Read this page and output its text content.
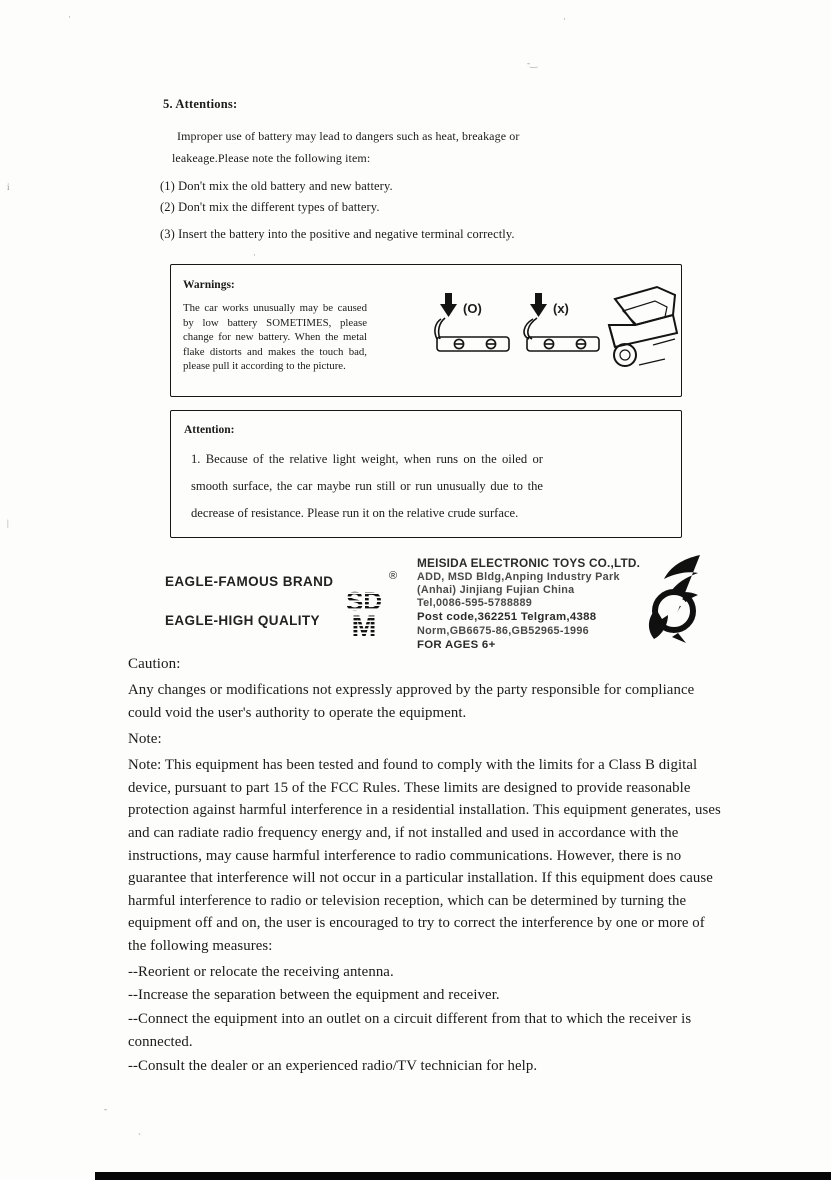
·	·
-‿
i
|
·
-
`
5. Attentions:
Improper use of battery may lead to dangers such as heat, breakage or
leakeage.Please note the following item:
(1) Don't mix the old battery and new battery.
(2) Don't mix the different types of battery.
(3) Insert the battery into the positive and negative terminal correctly.
Warnings:
The car works unusually may be caused by low battery SOMETIMES, please change for new battery. When the metal flake distorts and makes the touch bad, please pull it according to the picture.
(O)	(x)
Attention:
1. Because of the relative light weight, when runs on the oiled or
smooth surface, the car maybe run still or run unusually due to the
decrease of resistance. Please run it on the relative crude surface.
EAGLE-FAMOUS BRAND
EAGLE-HIGH QUALITY
SD
M
®
MEISIDA ELECTRONIC TOYS CO.,LTD.
ADD, MSD Bldg,Anping Industry Park
(Anhai) Jinjiang Fujian China
Tel,0086-595-5788889
Post code,362251 Telgram,4388
Norm,GB6675-86,GB52965-1996
FOR AGES 6+

Caution:

Any changes or modifications not expressly approved by the party responsible for compliance could void the user's authority to operate the equipment.

Note:

Note: This equipment has been tested and found to comply with the limits for a Class B digital device, pursuant to part 15 of the FCC Rules. These limits are designed to provide reasonable protection against harmful interference in a residential installation. This equipment generates, uses and can radiate radio frequency energy and, if not installed and used in accordance with the instructions, may cause harmful interference to radio communications. However, there is no guarantee that interference will not occur in a particular installation. If this equipment does cause harmful interference to radio or television reception, which can be determined by turning the equipment off and on, the user is encouraged to try to correct the interference by one or more of the following measures:

--Reorient or relocate the receiving antenna.

--Increase the separation between the equipment and receiver.

--Connect the equipment into an outlet on a circuit different from that to which the receiver is connected.

--Consult the dealer or an experienced radio/TV technician for help.
